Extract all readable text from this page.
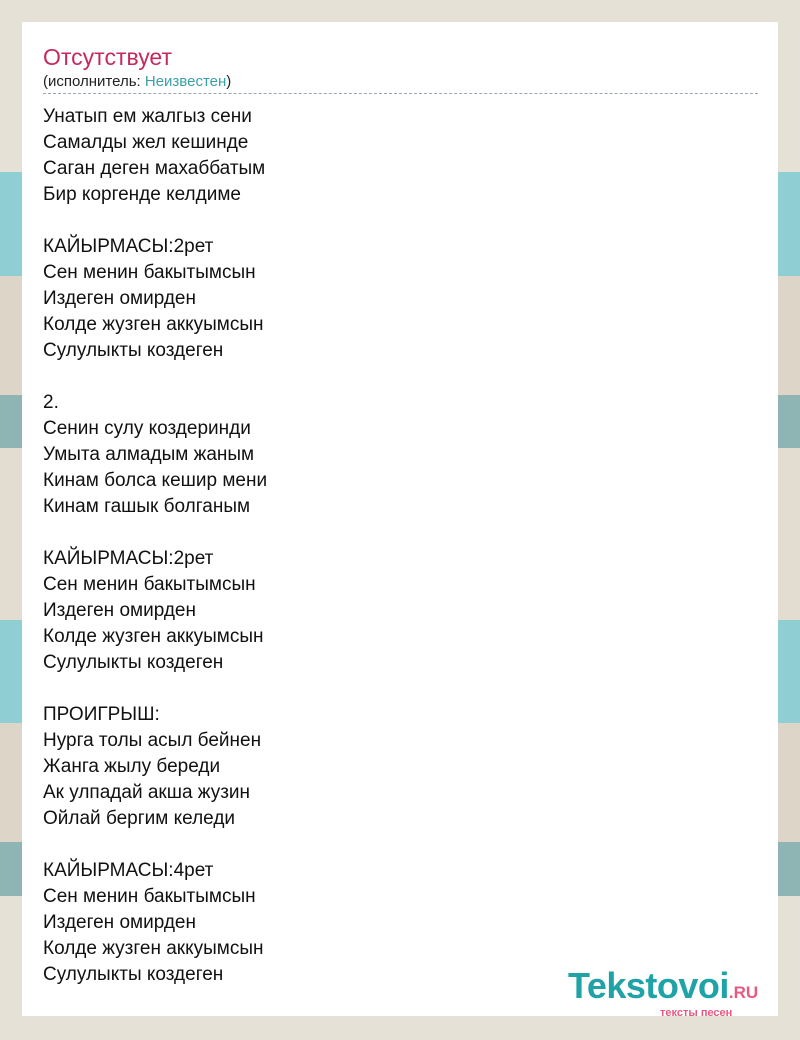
Отсутствует
(исполнитель: Неизвестен)
Унатып ем жалгыз сени
Самалды жел кешинде
Саган деген махаббатым
Бир коргенде келдиме
КАЙЫРМАСЫ:2рет
Сен менин бакытымсын
Издеген омирден
Колде жузген аккуымсын
Сулулыкты коздеген
2.
Сенин сулу коздеринди
Умыта алмадым жаным
Кинам болса кешир мени
Кинам гашык болганым
КАЙЫРМАСЫ:2рет
Сен менин бакытымсын
Издеген омирден
Колде жузген аккуымсын
Сулулыкты коздеген
ПРОИГРЫШ:
Нурга толы асыл бейнен
Жанга жылу береди
Ак улпадай акша жузин
Ойлай бергим келеди
КАЙЫРМАСЫ:4рет
Сен менин бакытымсын
Издеген омирден
Колде жузген аккуымсын
Сулулыкты коздеген	Tekstovoi.RU
тексты песен
